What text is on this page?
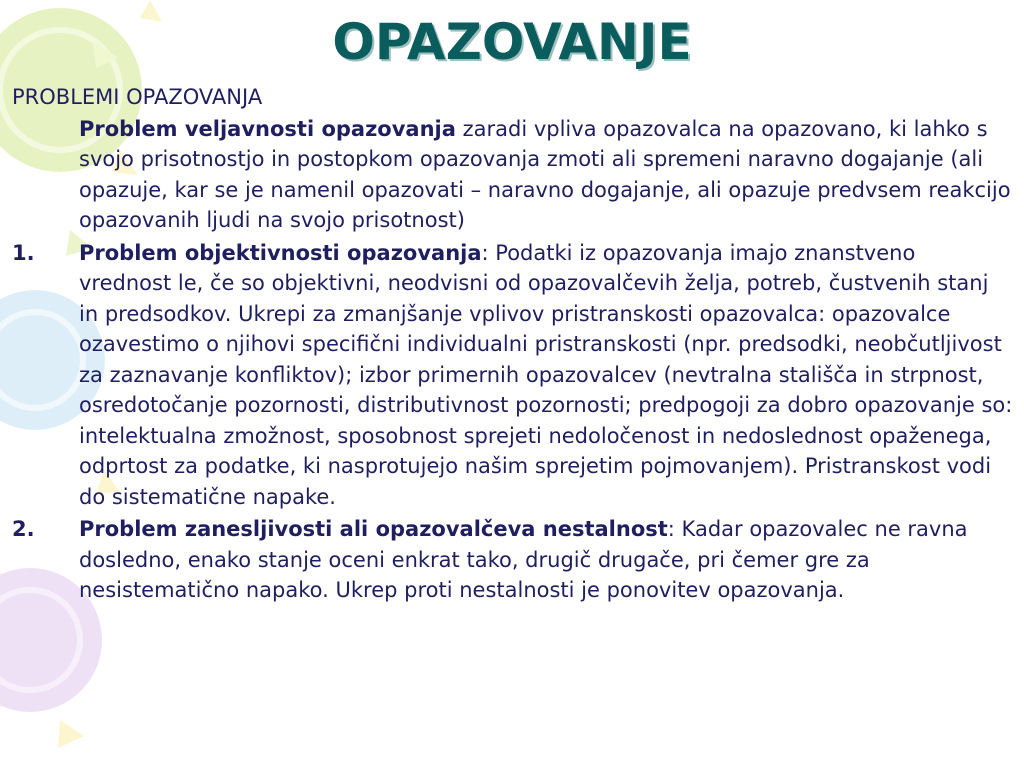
OPAZOVANJE

PROBLEMI OPAZOVANJA

Problem veljavnosti opazovanja zaradi vpliva opazovalca na opazovano, ki lahko s svojo prisotnostjo in postopkom opazovanja zmoti ali spremeni naravno dogajanje (ali opazuje, kar se je namenil opazovati – naravno dogajanje, ali opazuje predvsem reakcijo opazovanih ljudi na svojo prisotnost)

1. Problem objektivnosti opazovanja: Podatki iz opazovanja imajo znanstveno vrednost le, če so objektivni, neodvisni od opazovalčevih želja, potreb, čustvenih stanj in predsodkov. Ukrepi za zmanjšanje vplivov pristranskosti opazovalca: opazovalce ozavestimo o njihovi specifični individualni pristranskosti (npr. predsodki, neobčutljivost za zaznavanje konfliktov); izbor primernih opazovalcev (nevtralna stališča in strpnost, osredotočanje pozornosti, distributivnost pozornosti; predpogoji za dobro opazovanje so: intelektualna zmožnost, sposobnost sprejeti nedoločenost in nedoslednost opaženega, odprtost za podatke, ki nasprotujejo našim sprejetim pojmovanjem). Pristranskost vodi do sistematične napake.

2. Problem zanesljivosti ali opazovalčeva nestalnost: Kadar opazovalec ne ravna dosledno, enako stanje oceni enkrat tako, drugič drugače, pri čemer gre za nesistematično napako. Ukrep proti nestalnosti je ponovitev opazovanja.
